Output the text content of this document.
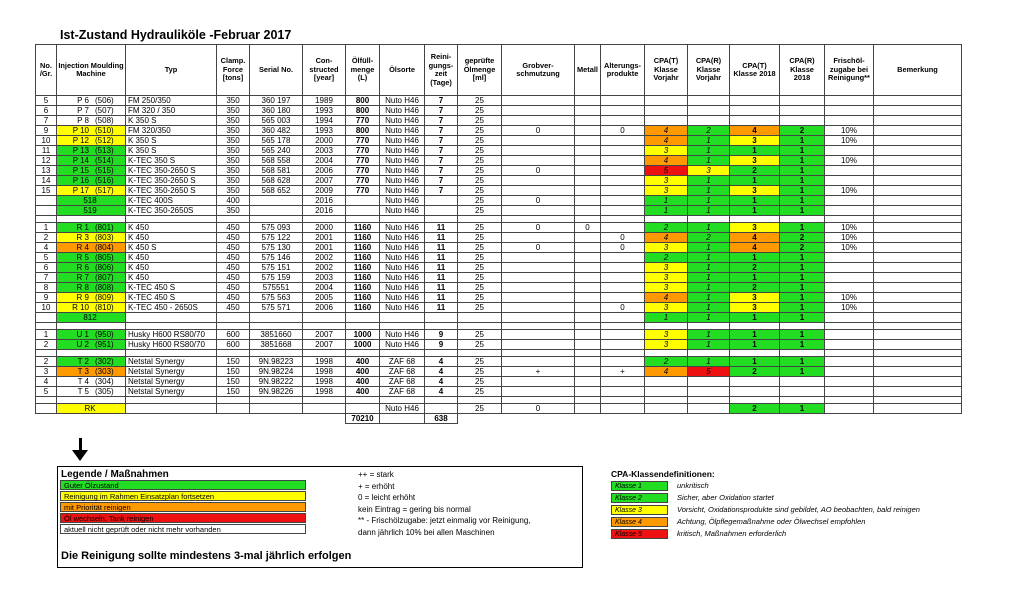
Ist-Zustand Hydrauliköle -Februar 2017
No. /Gr.	Injection Moulding Machine	Typ	Clamp. Force [tons]	Serial No.	Con- structed [year]	Ölfüll- menge (L)	Ölsorte	Reini- gungs- zeit (Tage)	geprüfte Ölmenge [ml]	Grobver- schmutzung	Metall	Alterungs- produkte	CPA(T) Klasse Vorjahr	CPA(R) Klasse Vorjahr	CPA(T) Klasse 2018	CPA(R) Klasse 2018	Frischöl- zugabe bei Reinigung**	Bemerkung
5	P 6 (506)	FM 250/350	350	360 197	1989	800	Nuto H46	7	25									
6	P 7 (507)	FM 320 / 350	350	360 180	1993	800	Nuto H46	7	25									
7	P 8 (508)	K 350 S	350	565 003	1994	770	Nuto H46	7	25									
9	P 10 (510)	FM 320/350	350	360 482	1993	800	Nuto H46	7	25	0		0	4	2	4	2	10%	
10	P 12 (512)	K 350 S	350	565 178	2000	770	Nuto H46	7	25				4	1	3	1	10%	
11	P 13 (513)	K 350 S	350	565 240	2003	770	Nuto H46	7	25				3	1	1	1		
12	P 14 (514)	K-TEC 350 S	350	568 558	2004	770	Nuto H46	7	25				4	1	3	1	10%	
13	P 15 (515)	K-TEC 350-2650 S	350	568 581	2006	770	Nuto H46	7	25	0			5	3	2	1		
14	P 16 (516)	K-TEC 350-2650 S	350	568 628	2007	770	Nuto H46	7	25				3	1	1	1		
15	P 17 (517)	K-TEC 350-2650 S	350	568 652	2009	770	Nuto H46	7	25				3	1	3	1	10%	
	518	K-TEC 400S	400		2016		Nuto H46		25	0			1	1	1	1		
	519	K-TEC 350-2650S	350		2016		Nuto H46		25				1	1	1	1		

1	R 1 (801)	K 450	450	575 093	2000	1160	Nuto H46	11	25	0	0		2	1	3	1	10%	
2	R 3 (803)	K 450	450	575 122	2001	1160	Nuto H46	11	25			0	4	2	4	2	10%	
4	R 4 (804)	K 450 S	450	575 130	2001	1160	Nuto H46	11	25	0		0	3	1	4	2	10%	
5	R 5 (805)	K 450	450	575 146	2002	1160	Nuto H46	11	25				2	1	1	1		
6	R 6 (806)	K 450	450	575 151	2002	1160	Nuto H46	11	25				3	1	2	1		
7	R 7 (807)	K 450	450	575 159	2003	1160	Nuto H46	11	25				3	1	1	1		
8	R 8 (808)	K-TEC 450 S	450	575551	2004	1160	Nuto H46	11	25				3	1	2	1		
9	R 9 (809)	K-TEC 450 S	450	575 563	2005	1160	Nuto H46	11	25				4	1	3	1	10%	
10	R 10 (810)	K-TEC 450 - 2650S	450	575 571	2006	1160	Nuto H46	11	25			0	3	1	3	1	10%	
	812												1	1	1	1		

1	U 1 (950)	Husky H600 RS80/70	600	3851660	2007	1000	Nuto H46	9	25				3	1	1	1		
2	U 2 (951)	Husky H600 RS80/70	600	3851668	2007	1000	Nuto H46	9	25				3	1	1	1		

2	T 2 (302)	Netstal Synergy	150	9N.98223	1998	400	ZAF 68	4	25				2	1	1	1		
3	T 3 (303)	Netstal Synergy	150	9N.98224	1998	400	ZAF 68	4	25	+		+	4	5	2	1		
4	T 4 (304)	Netstal Synergy	150	9N.98222	1998	400	ZAF 68	4	25									
5	T 5 (305)	Netstal Synergy	150	9N.98226	1998	400	ZAF 68	4	25									

	RK						Nuto H46		25	0					2	1		
						70210		638										
Legende / Maßnahmen
Guter Ölzustand
Reinigung im Rahmen Einsatzplan fortsetzen
mit Priorität reinigen
Öl wechseln, Tank reinigen
aktuell nicht geprüft oder nicht mehr vorhanden
++ = stark
+ = erhöht
0 = leicht erhöht
kein Eintrag = gering bis normal
** - Frischölzugabe: jetzt einmalig vor Reinigung,
dann jährlich 10% bei allen Maschinen
Die Reinigung sollte mindestens 3-mal jährlich erfolgen
CPA-Klassendefinitionen:
Klasse 1	unkritisch
Klasse 2	Sicher, aber Oxidation startet
Klasse 3	Vorsicht, Oxidationsprodukte sind gebildet, AO beobachten, bald reinigen
Klasse 4	Achtung, Ölpflegemaßnahme oder Ölwechsel empfohlen
Klasse 5	kritisch, Maßnahmen erforderlich
